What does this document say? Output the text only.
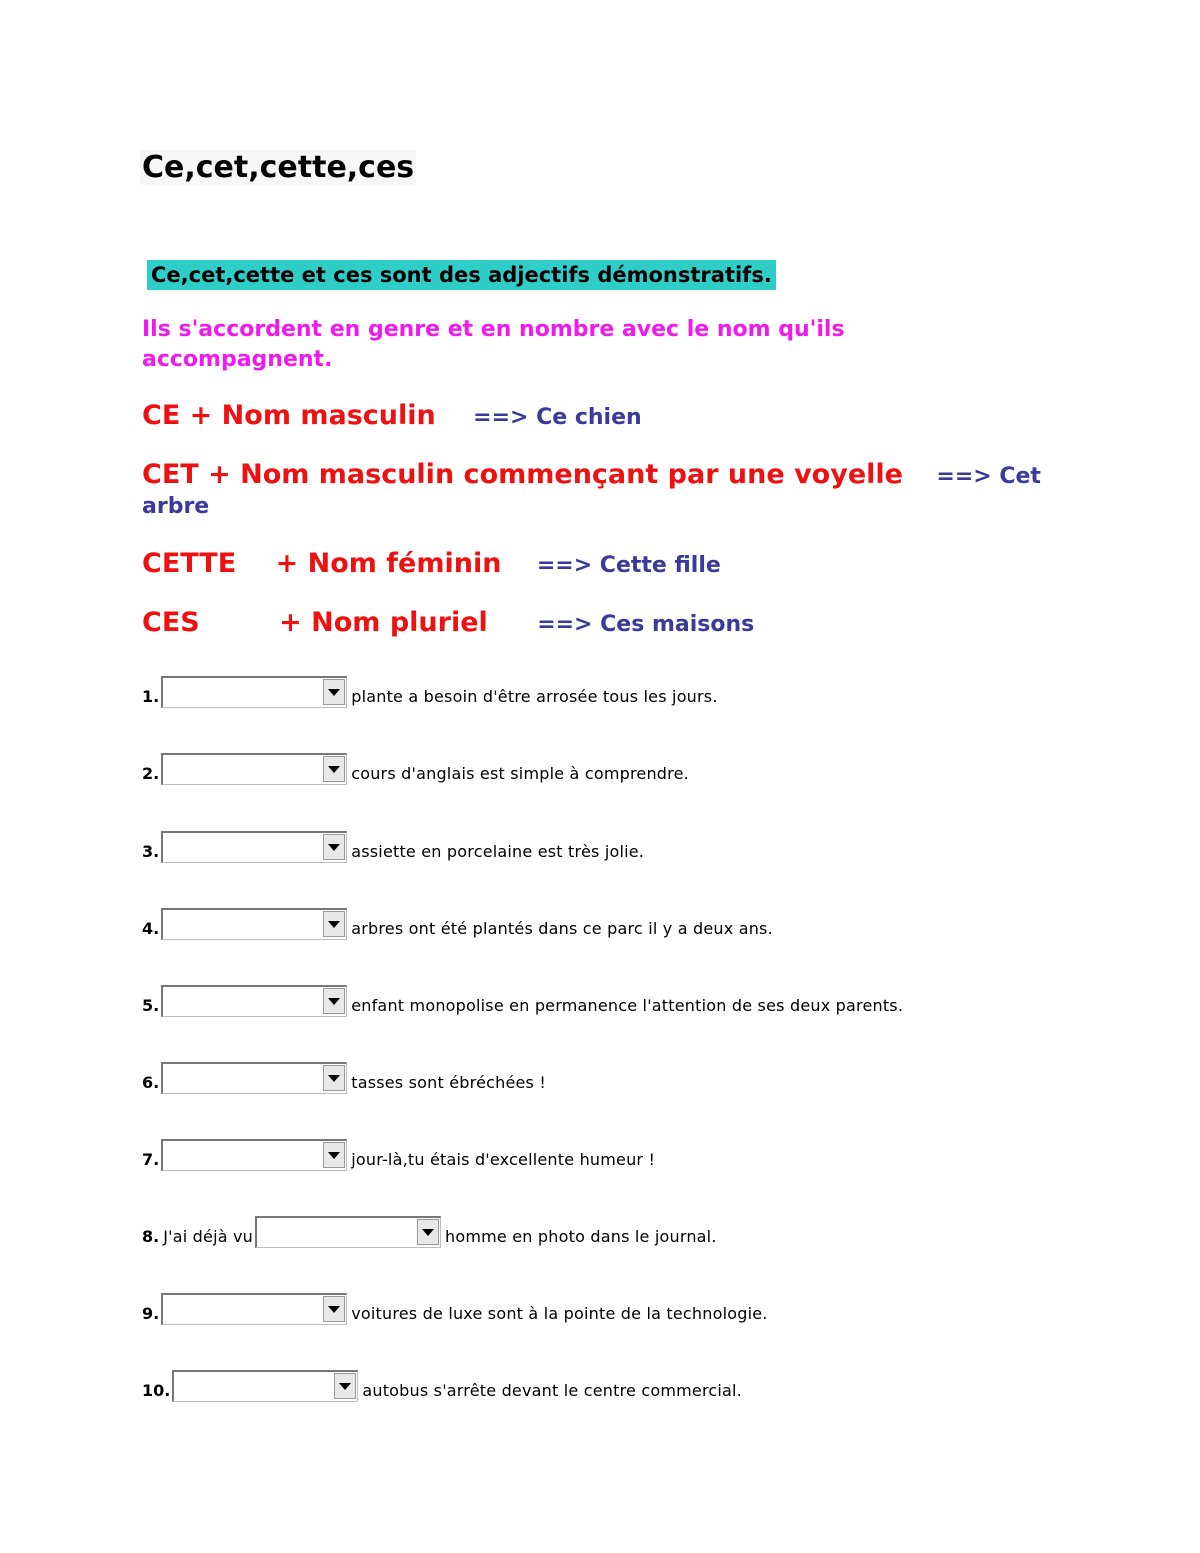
Ce,cet,cette,ces
Ce,cet,cette et ces sont des adjectifs démonstratifs.
Ils s'accordent en genre et en nombre avec le nom qu'ils
accompagnent.
CE + Nom masculin ==> Ce chien
CET + Nom masculin commençant par une voyelle ==> Cet
arbre
CETTE + Nom féminin ==> Cette fille
CES	+ Nom pluriel ==> Ces maisons
1.	plante a besoin d'être arrosée tous les jours.
2.	cours d'anglais est simple à comprendre.
3.	assiette en porcelaine est très jolie.
4.	arbres ont été plantés dans ce parc il y a deux ans.
5.	enfant monopolise en permanence l'attention de ses deux parents.
6.	tasses sont ébréchées !
7.	jour-là,tu étais d'excellente humeur !
8. J'ai déjà vu	homme en photo dans le journal.
9.	voitures de luxe sont à la pointe de la technologie.
10.	autobus s'arrête devant le centre commercial.
